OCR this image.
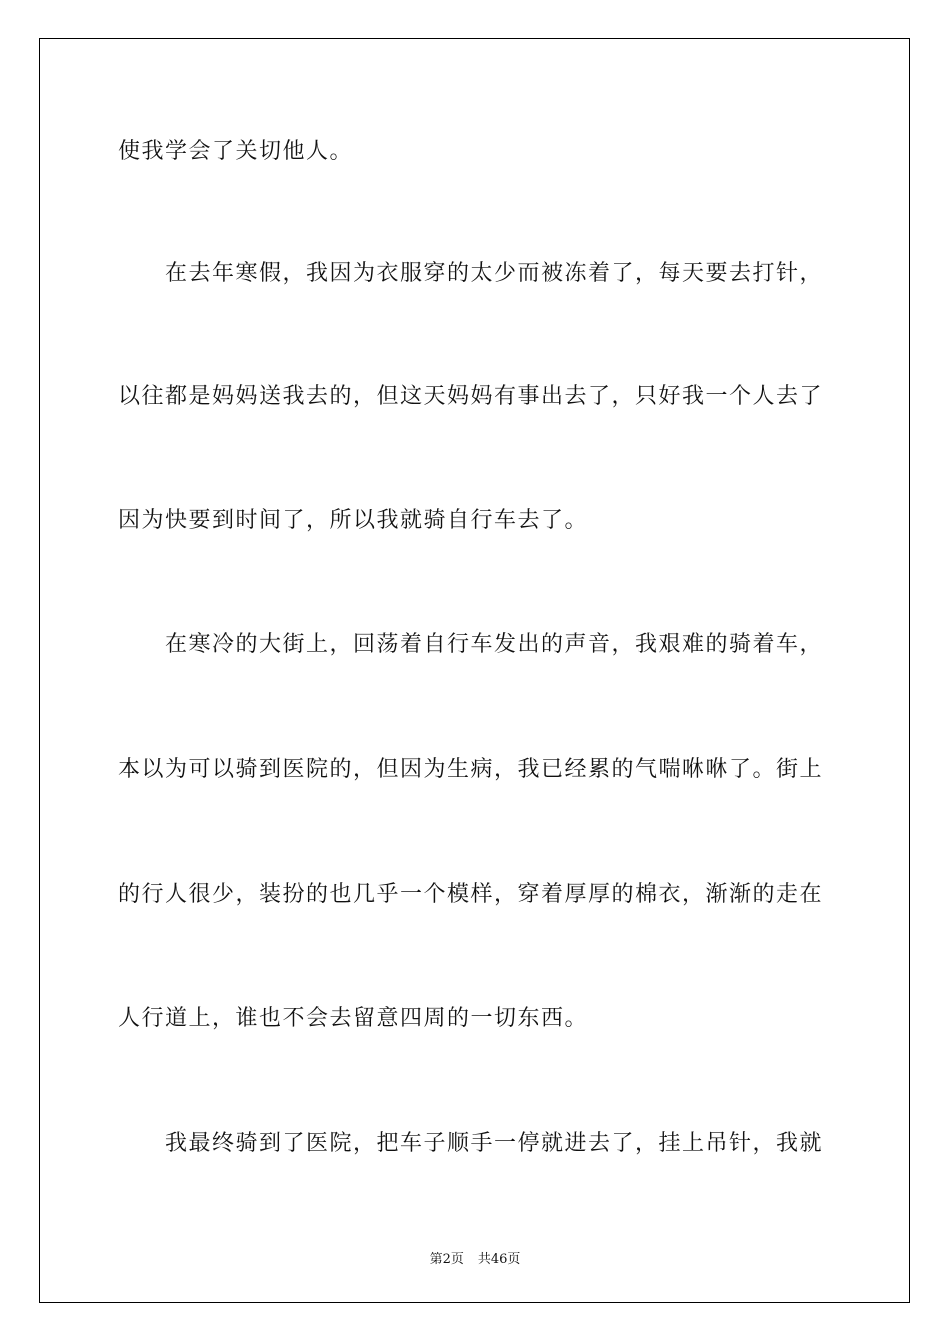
使我学会了关切他人。
在去年寒假，我因为衣服穿的太少而被冻着了，每天要去打针，
以往都是妈妈送我去的，但这天妈妈有事出去了，只好我一个人去了
因为快要到时间了，所以我就骑自行车去了。
在寒冷的大街上，回荡着自行车发出的声音，我艰难的骑着车，
本以为可以骑到医院的，但因为生病，我已经累的气喘咻咻了。街上
的行人很少，装扮的也几乎一个模样，穿着厚厚的棉衣，渐渐的走在
人行道上，谁也不会去留意四周的一切东西。
我最终骑到了医院，把车子顺手一停就进去了，挂上吊针，我就
第2页 共46页
